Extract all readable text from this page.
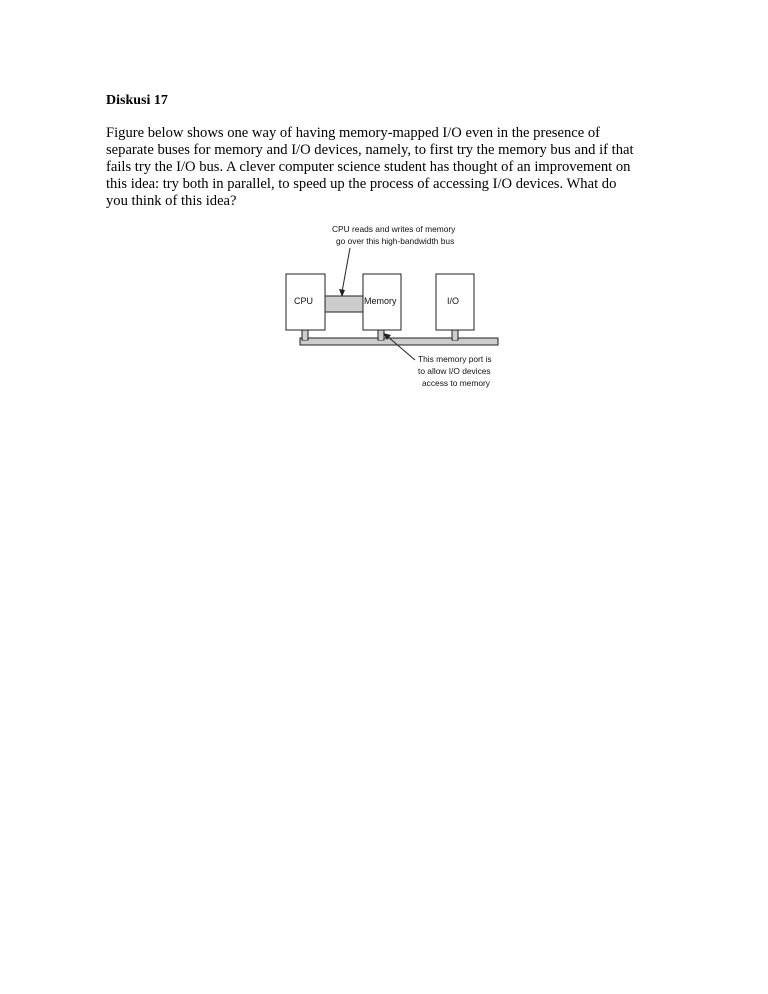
Diskusi 17

Figure below shows one way of having memory-mapped I/O even in the presence of
separate buses for memory and I/O devices, namely, to first try the memory bus and if that
fails try the I/O bus. A clever computer science student has thought of an improvement on
this idea: try both in parallel, to speed up the process of accessing I/O devices. What do
you think of this idea?

CPU reads and writes of memory
go over this high-bandwidth bus
CPU	Memory	I/O
This memory port is
to allow I/O devices
access to memory
